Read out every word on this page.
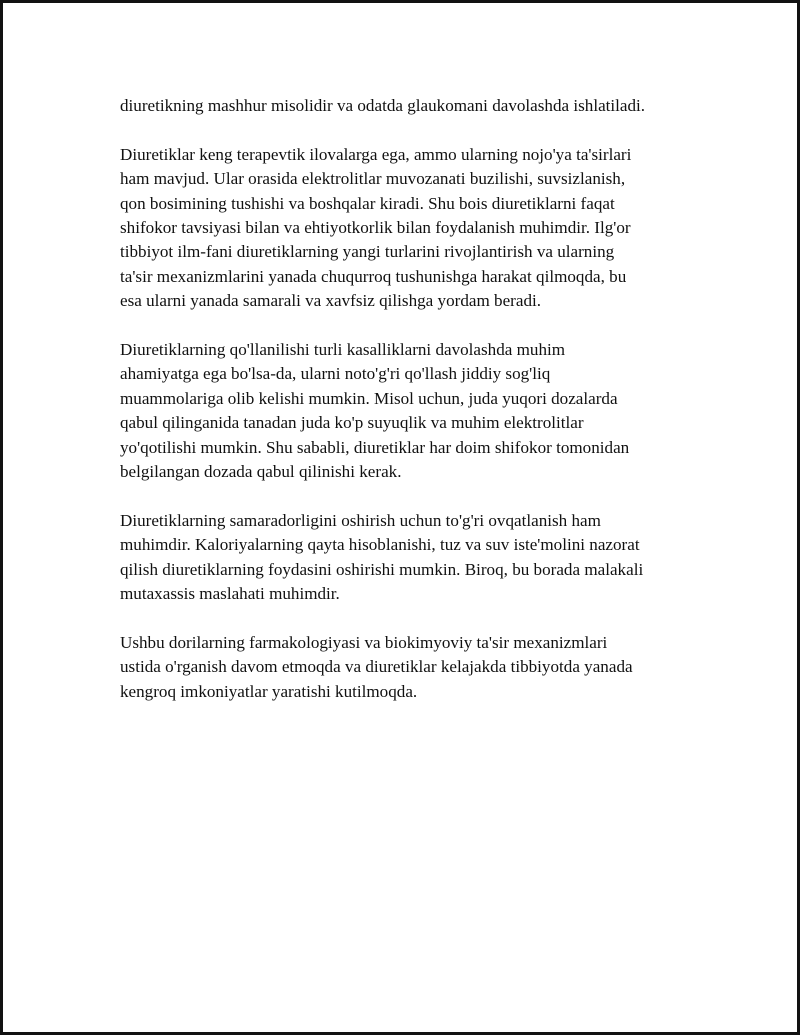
diuretikning mashhur misolidir va odatda glaukomani davolashda ishlatiladi.

Diuretiklar keng terapevtik ilovalarga ega, ammo ularning nojo'ya ta'sirlari
ham mavjud. Ular orasida elektrolitlar muvozanati buzilishi, suvsizlanish,
qon bosimining tushishi va boshqalar kiradi. Shu bois diuretiklarni faqat
shifokor tavsiyasi bilan va ehtiyotkorlik bilan foydalanish muhimdir. Ilg'or
tibbiyot ilm-fani diuretiklarning yangi turlarini rivojlantirish va ularning
ta'sir mexanizmlarini yanada chuqurroq tushunishga harakat qilmoqda, bu
esa ularni yanada samarali va xavfsiz qilishga yordam beradi.

Diuretiklarning qo'llanilishi turli kasalliklarni davolashda muhim
ahamiyatga ega bo'lsa-da, ularni noto'g'ri qo'llash jiddiy sog'liq
muammolariga olib kelishi mumkin. Misol uchun, juda yuqori dozalarda
qabul qilinganida tanadan juda ko'p suyuqlik va muhim elektrolitlar
yo'qotilishi mumkin. Shu sababli, diuretiklar har doim shifokor tomonidan
belgilangan dozada qabul qilinishi kerak.

Diuretiklarning samaradorligini oshirish uchun to'g'ri ovqatlanish ham
muhimdir. Kaloriyalarning qayta hisoblanishi, tuz va suv iste'molini nazorat
qilish diuretiklarning foydasini oshirishi mumkin. Biroq, bu borada malakali
mutaxassis maslahati muhimdir.

Ushbu dorilarning farmakologiyasi va biokimyoviy ta'sir mexanizmlari
ustida o'rganish davom etmoqda va diuretiklar kelajakda tibbiyotda yanada
kengroq imkoniyatlar yaratishi kutilmoqda.
